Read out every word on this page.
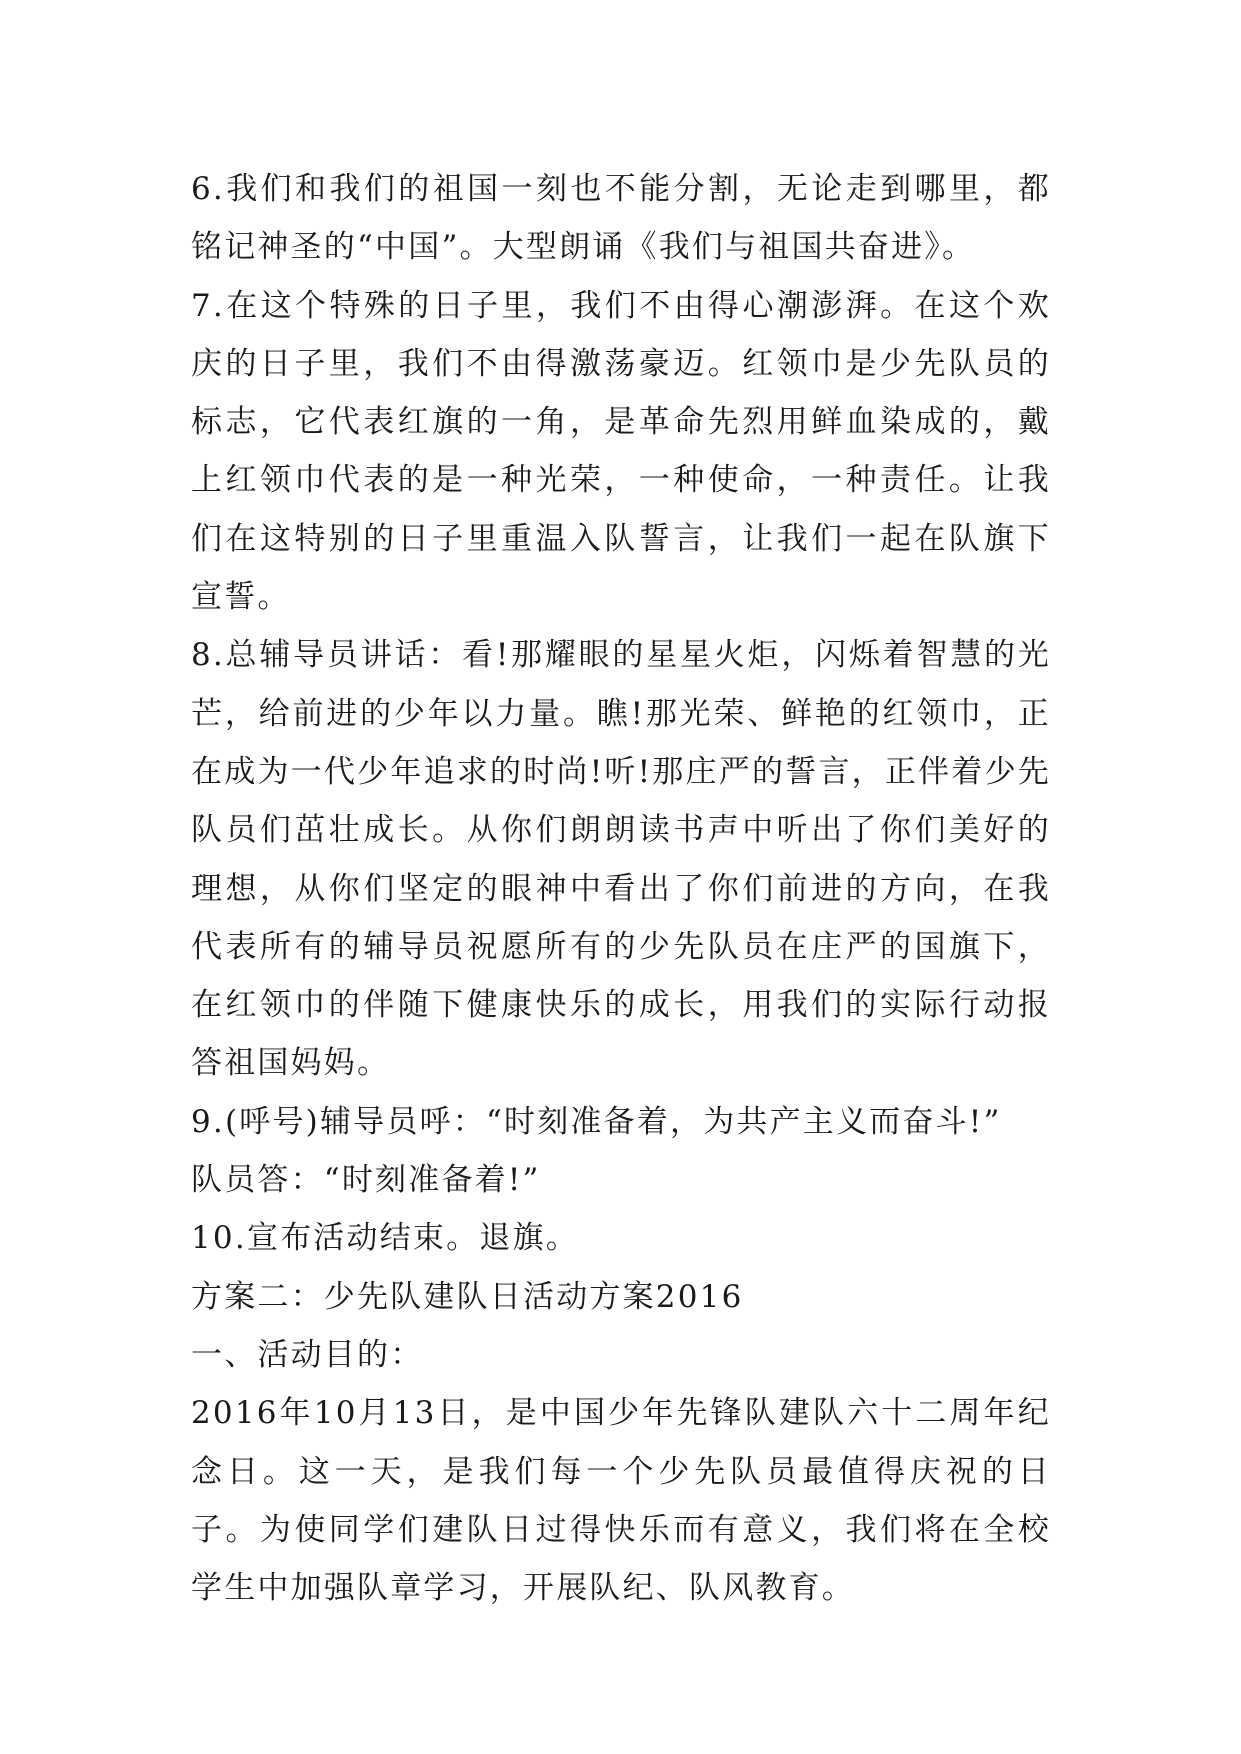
6.我们和我们的祖国一刻也不能分割，无论走到哪里，都铭记神圣的“中国”。大型朗诵《我们与祖国共奋进》。

7.在这个特殊的日子里，我们不由得心潮澎湃。在这个欢庆的日子里，我们不由得激荡豪迈。红领巾是少先队员的标志，它代表红旗的一角，是革命先烈用鲜血染成的，戴上红领巾代表的是一种光荣，一种使命，一种责任。让我们在这特别的日子里重温入队誓言，让我们一起在队旗下宣誓。

8.总辅导员讲话：看!那耀眼的星星火炬，闪烁着智慧的光芒，给前进的少年以力量。瞧!那光荣、鲜艳的红领巾，正在成为一代少年追求的时尚!听!那庄严的誓言，正伴着少先队员们茁壮成长。从你们朗朗读书声中听出了你们美好的理想，从你们坚定的眼神中看出了你们前进的方向，在我代表所有的辅导员祝愿所有的少先队员在庄严的国旗下，在红领巾的伴随下健康快乐的成长，用我们的实际行动报答祖国妈妈。

9.(呼号)辅导员呼：“时刻准备着，为共产主义而奋斗!”

队员答：“时刻准备着!”

10.宣布活动结束。退旗。

方案二：少先队建队日活动方案2016

一、活动目的：

2016年10月13日，是中国少年先锋队建队六十二周年纪念日。这一天，是我们每一个少先队员最值得庆祝的日子。为使同学们建队日过得快乐而有意义，我们将在全校学生中加强队章学习，开展队纪、队风教育。
